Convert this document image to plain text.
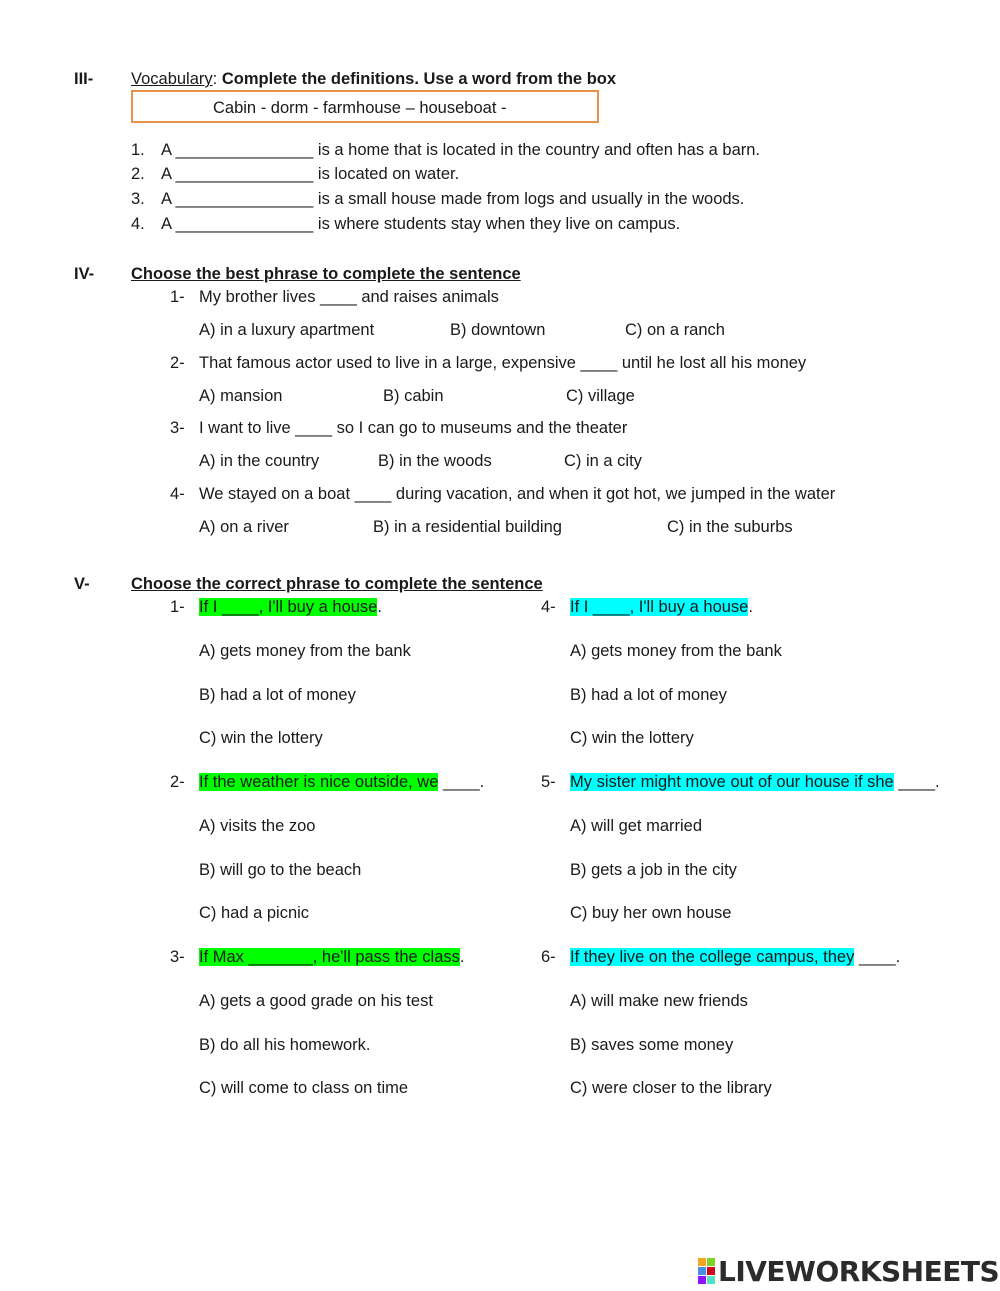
III- Vocabulary: Complete the definitions. Use a word from the box
Cabin - dorm - farmhouse – houseboat -
1. A _______________ is a home that is located in the country and often has a barn.
2. A _______________ is located on water.
3. A _______________ is a small house made from logs and usually in the woods.
4. A _______________ is where students stay when they live on campus.
IV- Choose the best phrase to complete the sentence
1- My brother lives ____ and raises animals
A) in a luxury apartment	B) downtown	C) on a ranch
2- That famous actor used to live in a large, expensive ____ until he lost all his money
A) mansion	B) cabin	C) village
3- I want to live ____ so I can go to museums and the theater
A) in the country	B) in the woods	C) in a city
4- We stayed on a boat ____ during vacation, and when it got hot, we jumped in the water
A) on a river	B) in a residential building	C) in the suburbs
V-	Choose the correct phrase to complete the sentence
1- If I ____, I'll buy a house.
A) gets money from the bank
B) had a lot of money
C) win the lottery
2- If the weather is nice outside, we ____.
A) visits the zoo
B) will go to the beach
C) had a picnic
3- If Max _______, he'll pass the class.
A) gets a good grade on his test
B) do all his homework.
C) will come to class on time
4- If I ____, I'll buy a house.
A) gets money from the bank
B) had a lot of money
C) win the lottery
5- My sister might move out of our house if she ____.
A) will get married
B) gets a job in the city
C) buy her own house
6- If they live on the college campus, they ____.
A) will make new friends
B) saves some money
C) were closer to the library
LIVEWORKSHEETS
